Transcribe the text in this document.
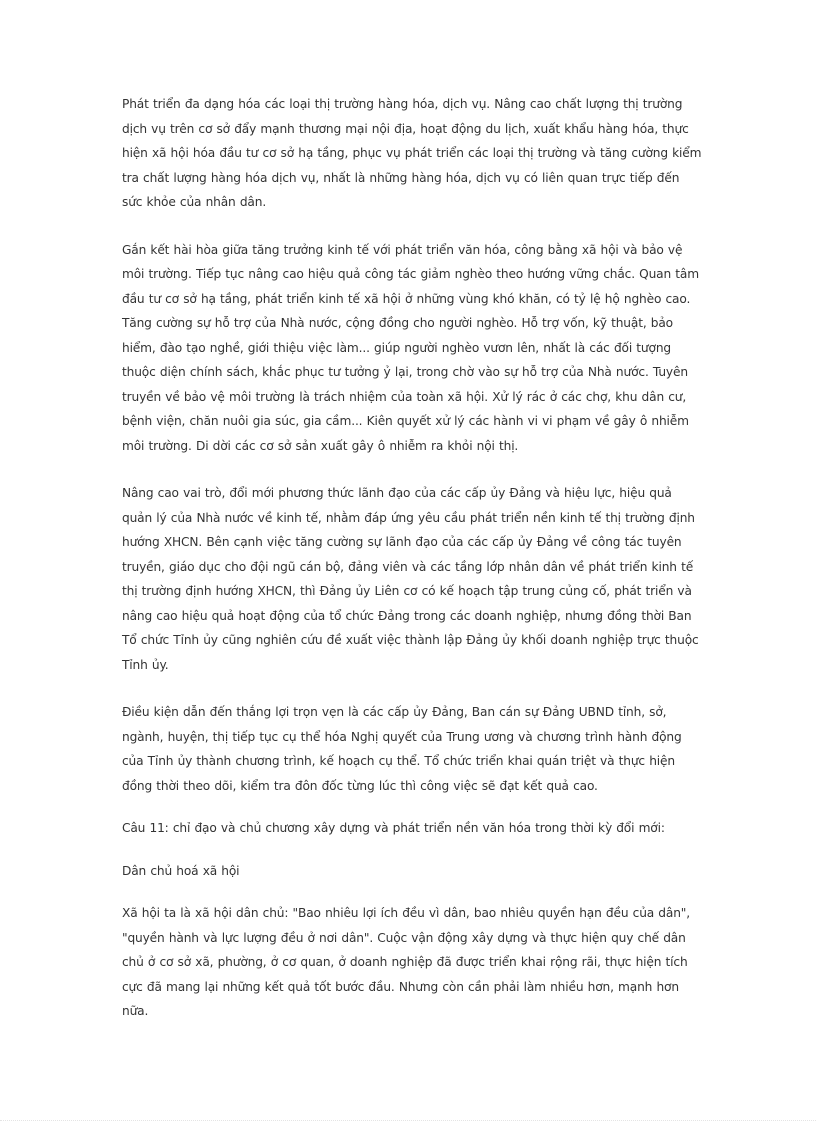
Phát triển đa dạng hóa các loại thị trường hàng hóa, dịch vụ. Nâng cao chất lượng thị trường dịch vụ trên cơ sở đẩy mạnh thương mại nội địa, hoạt động du lịch, xuất khẩu hàng hóa, thực hiện xã hội hóa đầu tư cơ sở hạ tầng, phục vụ phát triển các loại thị trường và tăng cường kiểm tra chất lượng hàng hóa dịch vụ, nhất là những hàng hóa, dịch vụ có liên quan trực tiếp đến sức khỏe của nhân dân.

Gắn kết hài hòa giữa tăng trưởng kinh tế với phát triển văn hóa, công bằng xã hội và bảo vệ môi trường. Tiếp tục nâng cao hiệu quả công tác giảm nghèo theo hướng vững chắc. Quan tâm đầu tư cơ sở hạ tầng, phát triển kinh tế xã hội ở những vùng khó khăn, có tỷ lệ hộ nghèo cao. Tăng cường sự hỗ trợ của Nhà nước, cộng đồng cho người nghèo. Hỗ trợ vốn, kỹ thuật, bảo hiểm, đào tạo nghề, giới thiệu việc làm... giúp người nghèo vươn lên, nhất là các đối tượng thuộc diện chính sách, khắc phục tư tưởng ỷ lại, trong chờ vào sự hỗ trợ của Nhà nước. Tuyên truyền về bảo vệ môi trường là trách nhiệm của toàn xã hội. Xử lý rác ở các chợ, khu dân cư, bệnh viện, chăn nuôi gia súc, gia cầm... Kiên quyết xử lý các hành vi vi phạm về gây ô nhiễm môi trường. Di dời các cơ sở sản xuất gây ô nhiễm ra khỏi nội thị.

Nâng cao vai trò, đổi mới phương thức lãnh đạo của các cấp ủy Đảng và hiệu lực, hiệu quả quản lý của Nhà nước về kinh tế, nhằm đáp ứng yêu cầu phát triển nền kinh tế thị trường định hướng XHCN. Bên cạnh việc tăng cường sự lãnh đạo của các cấp ủy Đảng về công tác tuyên truyền, giáo dục cho đội ngũ cán bộ, đảng viên và các tầng lớp nhân dân về phát triển kinh tế thị trường định hướng XHCN, thì Đảng ủy Liên cơ có kế hoạch tập trung củng cố, phát triển và nâng cao hiệu quả hoạt động của tổ chức Đảng trong các doanh nghiệp, nhưng đồng thời Ban Tổ chức Tỉnh ủy cũng nghiên cứu đề xuất việc thành lập Đảng ủy khối doanh nghiệp trực thuộc Tỉnh ủy.

Điều kiện dẫn đến thắng lợi trọn vẹn là các cấp ủy Đảng, Ban cán sự Đảng UBND tỉnh, sở, ngành, huyện, thị tiếp tục cụ thể hóa Nghị quyết của Trung ương và chương trình hành động của Tỉnh ủy thành chương trình, kế hoạch cụ thể. Tổ chức triển khai quán triệt và thực hiện đồng thời theo dõi, kiểm tra đôn đốc từng lúc thì công việc sẽ đạt kết quả cao.

Câu 11: chỉ đạo và chủ chương xây dựng và phát triển nền văn hóa trong thời kỳ đổi mới:

Dân chủ hoá xã hội

Xã hội ta là xã hội dân chủ: "Bao nhiêu lợi ích đều vì dân, bao nhiêu quyền hạn đều của dân", "quyền hành và lực lượng đều ở nơi dân". Cuộc vận động xây dựng và thực hiện quy chế dân chủ ở cơ sở xã, phường, ở cơ quan, ở doanh nghiệp đã được triển khai rộng rãi, thực hiện tích cực đã mang lại những kết quả tốt bước đầu. Nhưng còn cần phải làm nhiều hơn, mạnh hơn nữa.
